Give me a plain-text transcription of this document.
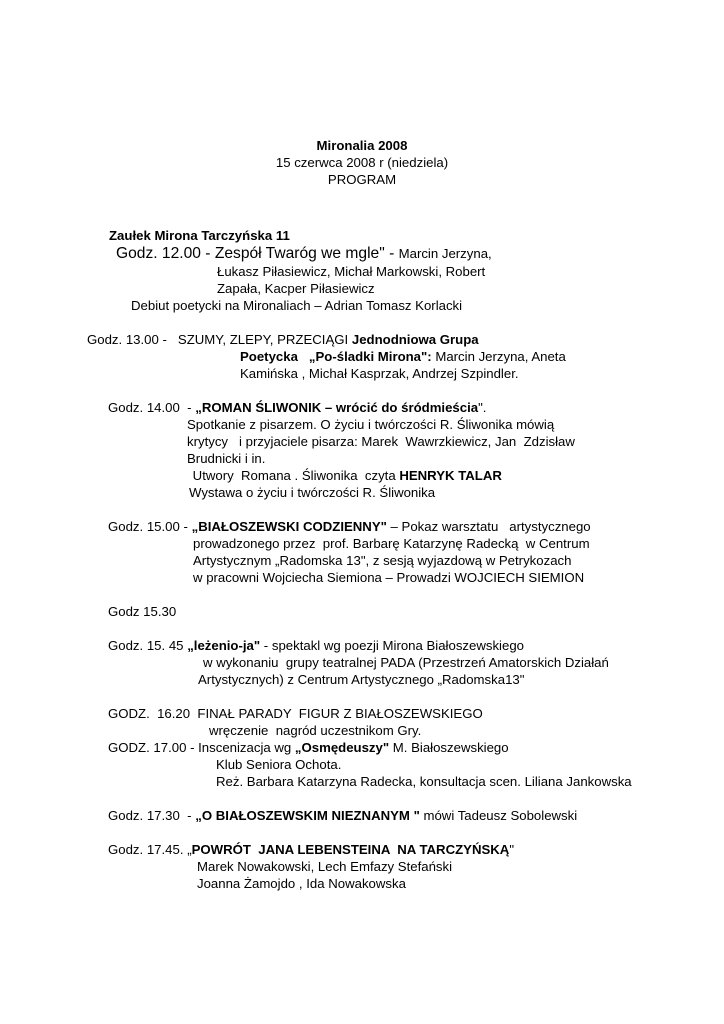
Mironalia 2008
15 czerwca 2008 r (niedziela)
PROGRAM
Zaułek Mirona Tarczyńska 11
Godz. 12.00 - Zespół Twaróg we mgle" - Marcin Jerzyna,
Łukasz Piłasiewicz, Michał Markowski, Robert
Zapała, Kacper Piłasiewicz
Debiut poetycki na Mironaliach – Adrian Tomasz Korlacki
Godz. 13.00 -   SZUMY, ZLEPY, PRZECIĄGI Jednodniowa Grupa
Poetycka   „Po-śladki Mirona": Marcin Jerzyna, Aneta
Kamińska , Michał Kasprzak, Andrzej Szpindler.
Godz. 14.00  - „ROMAN ŚLIWONIK – wrócić do śródmieścia".
Spotkanie z pisarzem. O życiu i twórczości R. Śliwonika mówią
krytycy   i przyjaciele pisarza: Marek  Wawrzkiewicz, Jan  Zdzisław
Brudnicki i in.
Utwory  Romana . Śliwonika  czyta HENRYK TALAR
Wystawa o życiu i twórczości R. Śliwonika
Godz. 15.00 - „BIAŁOSZEWSKI CODZIENNY" – Pokaz warsztatu   artystycznego
prowadzonego przez  prof. Barbarę Katarzynę Radecką  w Centrum
Artystycznym „Radomska 13", z sesją wyjazdową w Petrykozach
w pracowni Wojciecha Siemiona – Prowadzi WOJCIECH SIEMION
Godz 15.30
Godz. 15. 45 „leżenio-ja" - spektakl wg poezji Mirona Białoszewskiego
w wykonaniu  grupy teatralnej PADA (Przestrzeń Amatorskich Działań
Artystycznych) z Centrum Artystycznego „Radomska13"
GODZ.  16.20  FINAŁ PARADY  FIGUR Z BIAŁOSZEWSKIEGO
wręczenie  nagród uczestnikom Gry.
GODZ. 17.00 - Inscenizacja wg „Osmędeuszy" M. Białoszewskiego
Klub Seniora Ochota.
Reż. Barbara Katarzyna Radecka, konsultacja scen. Liliana Jankowska
Godz. 17.30  - „O BIAŁOSZEWSKIM NIEZNANYM " mówi Tadeusz Sobolewski
Godz. 17.45. „POWRÓT  JANA LEBENSTEINA  NA TARCZYŃSKĄ"
Marek Nowakowski, Lech Emfazy Stefański
Joanna Żamojdo , Ida Nowakowska
